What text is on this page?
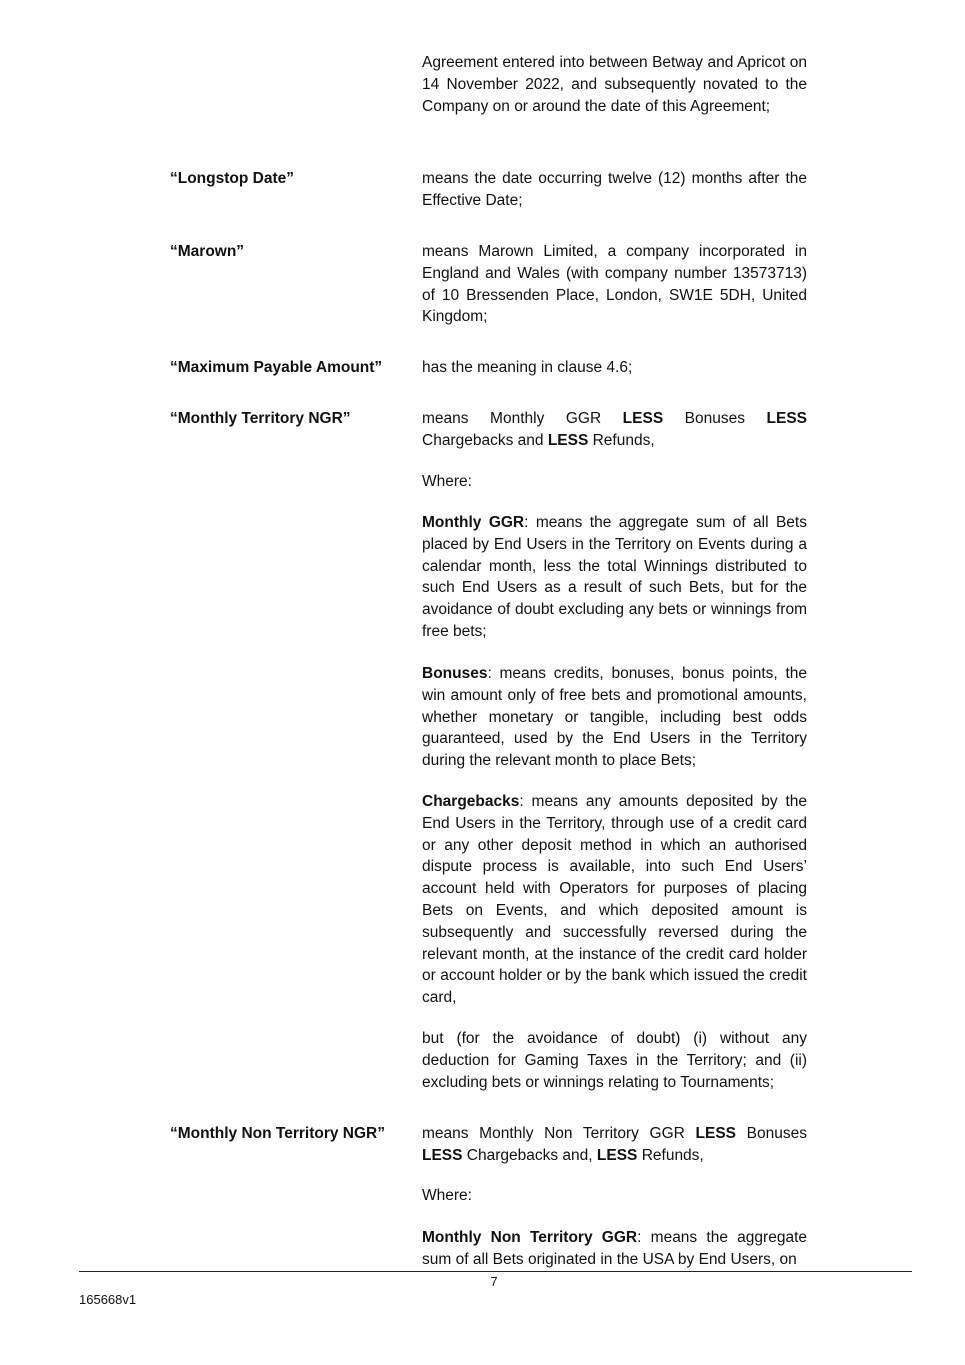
Agreement entered into between Betway and Apricot on 14 November 2022, and subsequently novated to the Company on or around the date of this Agreement;

“Longstop Date”	means the date occurring twelve (12) months after the Effective Date;

“Marown”	means Marown Limited, a company incorporated in England and Wales (with company number 13573713) of 10 Bressenden Place, London, SW1E 5DH, United Kingdom;

“Maximum Payable Amount”	has the meaning in clause 4.6;

“Monthly Territory NGR”	means Monthly GGR LESS Bonuses LESS Chargebacks and LESS Refunds,

Where:

Monthly GGR: means the aggregate sum of all Bets placed by End Users in the Territory on Events during a calendar month, less the total Winnings distributed to such End Users as a result of such Bets, but for the avoidance of doubt excluding any bets or winnings from free bets;

Bonuses: means credits, bonuses, bonus points, the win amount only of free bets and promotional amounts, whether monetary or tangible, including best odds guaranteed, used by the End Users in the Territory during the relevant month to place Bets;

Chargebacks: means any amounts deposited by the End Users in the Territory, through use of a credit card or any other deposit method in which an authorised dispute process is available, into such End Users’ account held with Operators for purposes of placing Bets on Events, and which deposited amount is subsequently and successfully reversed during the relevant month, at the instance of the credit card holder or account holder or by the bank which issued the credit card,

but (for the avoidance of doubt) (i) without any deduction for Gaming Taxes in the Territory; and (ii) excluding bets or winnings relating to Tournaments;

“Monthly Non Territory NGR”	means Monthly Non Territory GGR LESS Bonuses LESS Chargebacks and, LESS Refunds,

Where:

Monthly Non Territory GGR: means the aggregate sum of all Bets originated in the USA by End Users, on

7
165668v1
